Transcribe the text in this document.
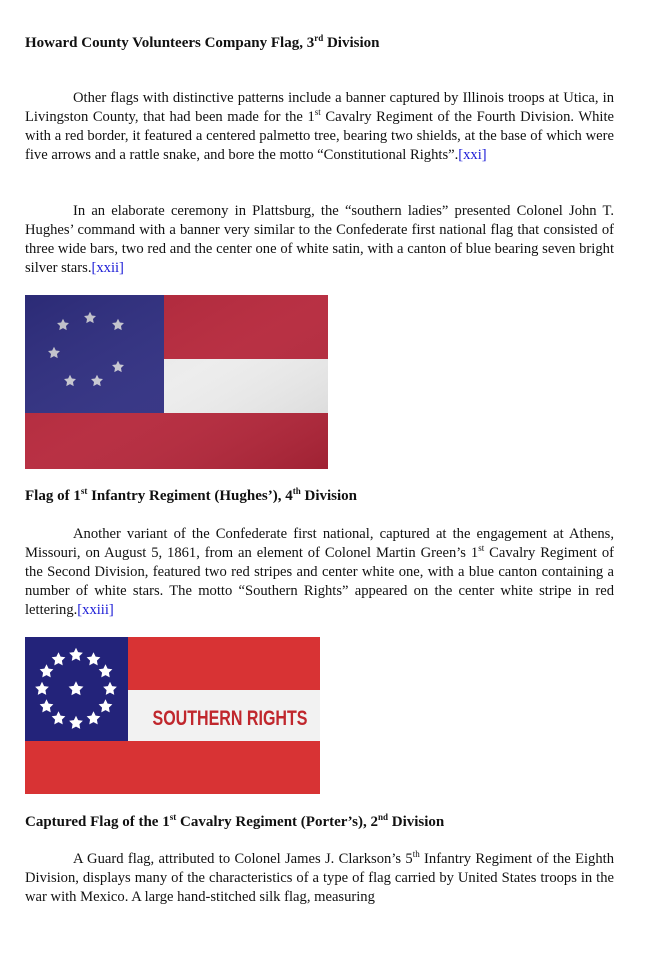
Howard County Volunteers Company Flag, 3rd Division

Other flags with distinctive patterns include a banner captured by Illinois troops at Utica, in Livingston County, that had been made for the 1st Cavalry Regiment of the Fourth Division. White with a red border, it featured a centered palmetto tree, bearing two shields, at the base of which were five arrows and a rattle snake, and bore the motto “Constitutional Rights”.[xxi]

In an elaborate ceremony in Plattsburg, the “southern ladies” presented Colonel John T. Hughes’ command with a banner very similar to the Confederate first national flag that consisted of three wide bars, two red and the center one of white satin, with a canton of blue bearing seven bright silver stars.[xxii]

Flag of 1st Infantry Regiment (Hughes’), 4th Division

Another variant of the Confederate first national, captured at the engagement at Athens, Missouri, on August 5, 1861, from an element of Colonel Martin Green’s 1st Cavalry Regiment of the Second Division, featured two red stripes and center white one, with a blue canton containing a number of white stars. The motto “Southern Rights” appeared on the center white stripe in red lettering.[xxiii]

SOUTHERN RIGHTS
Captured Flag of the 1st Cavalry Regiment (Porter’s), 2nd Division

A Guard flag, attributed to Colonel James J. Clarkson’s 5th Infantry Regiment of the Eighth Division, displays many of the characteristics of a type of flag carried by United States troops in the war with Mexico. A large hand-stitched silk flag, measuring
